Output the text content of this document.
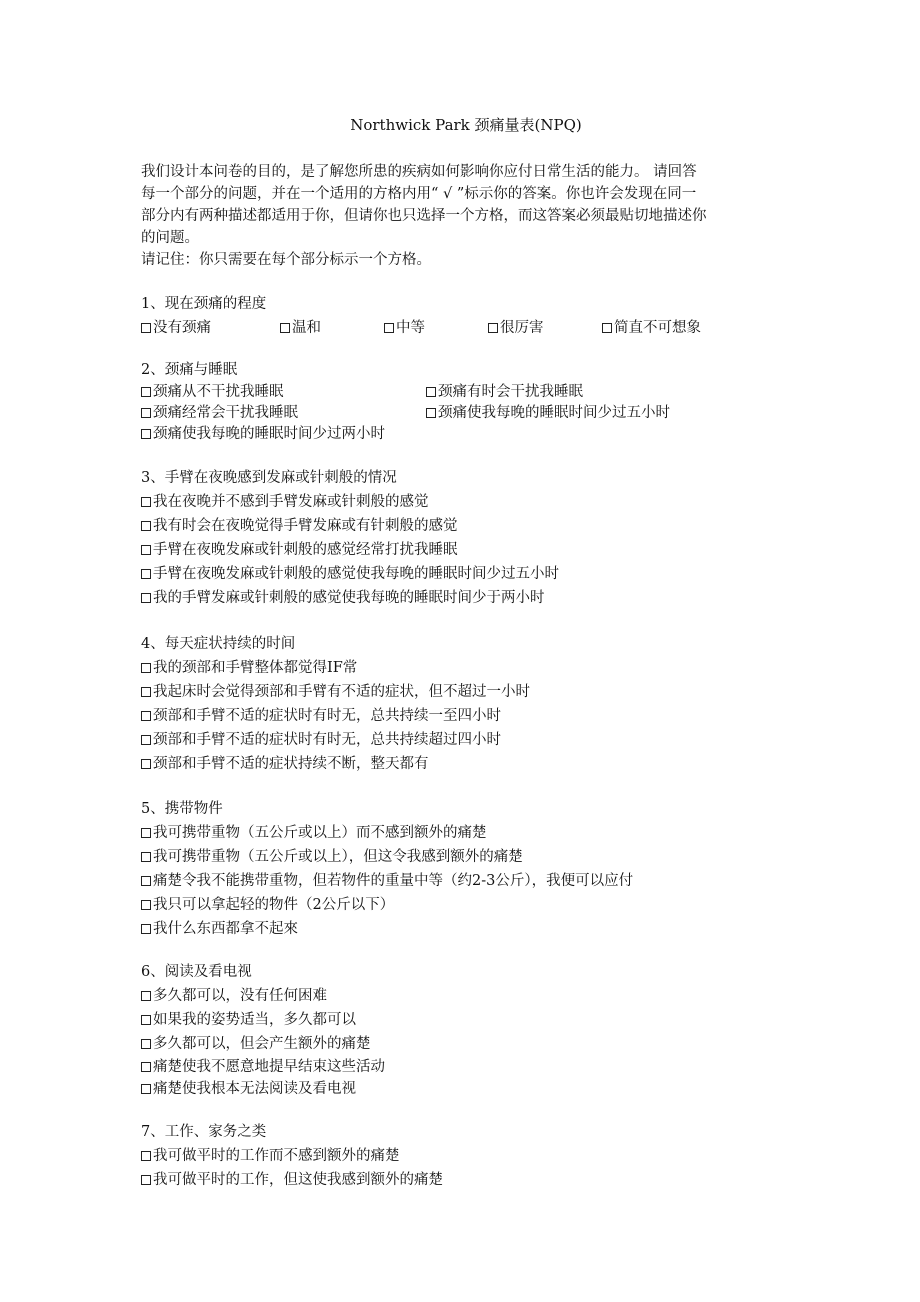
Northwick Park 颈痛量表(NPQ)
我们设计本问卷的目的，是了解您所患的疾病如何影响你应付日常生活的能力。 请回答
每一个部分的问题，并在一个适用的方格内用“ √ ”标示你的答案。你也许会发现在同一
部分内有两种描述都适用于你，但请你也只选择一个方格，而这答案必须最贴切地描述你
的问题。
请记住：你只需要在每个部分标示一个方格。
1、现在颈痛的程度
没有颈痛	温和	中等	很厉害	简直不可想象
2、颈痛与睡眠
颈痛从不干扰我睡眠	颈痛有时会干扰我睡眠
颈痛经常会干扰我睡眠	颈痛使我每晚的睡眠时间少过五小时
颈痛使我每晚的睡眠时间少过两小时
3、手臂在夜晚感到发麻或针刺般的情况
我在夜晚并不感到手臂发麻或针刺般的感觉
我有时会在夜晚觉得手臂发麻或有针刺般的感觉
手臂在夜晚发麻或针刺般的感觉经常打扰我睡眠
手臂在夜晚发麻或针刺般的感觉使我每晚的睡眠时间少过五小时
我的手臂发麻或针刺般的感觉使我每晚的睡眠时间少于两小时
4、每天症状持续的时间
我的颈部和手臂整体都觉得IF常
我起床时会觉得颈部和手臂有不适的症状，但不超过一小时
颈部和手臂不适的症状时有时无，总共持续一至四小时
颈部和手臂不适的症状时有时无，总共持续超过四小时
颈部和手臂不适的症状持续不断，整天都有
5、携带物件
我可携带重物（五公斤或以上）而不感到额外的痛楚
我可携带重物（五公斤或以上），但这令我感到额外的痛楚
痛楚令我不能携带重物，但若物件的重量中等（约2-3公斤），我便可以应付
我只可以拿起轻的物件（2公斤以下）
我什么东西都拿不起來
6、阅读及看电视
多久都可以，没有任何困难
如果我的姿势适当，多久都可以
多久都可以，但会产生额外的痛楚
痛楚使我不愿意地提早结束这些活动
痛楚使我根本无法阅读及看电视
7、工作、家务之类
我可做平时的工作而不感到额外的痛楚
我可做平时的工作，但这使我感到额外的痛楚
